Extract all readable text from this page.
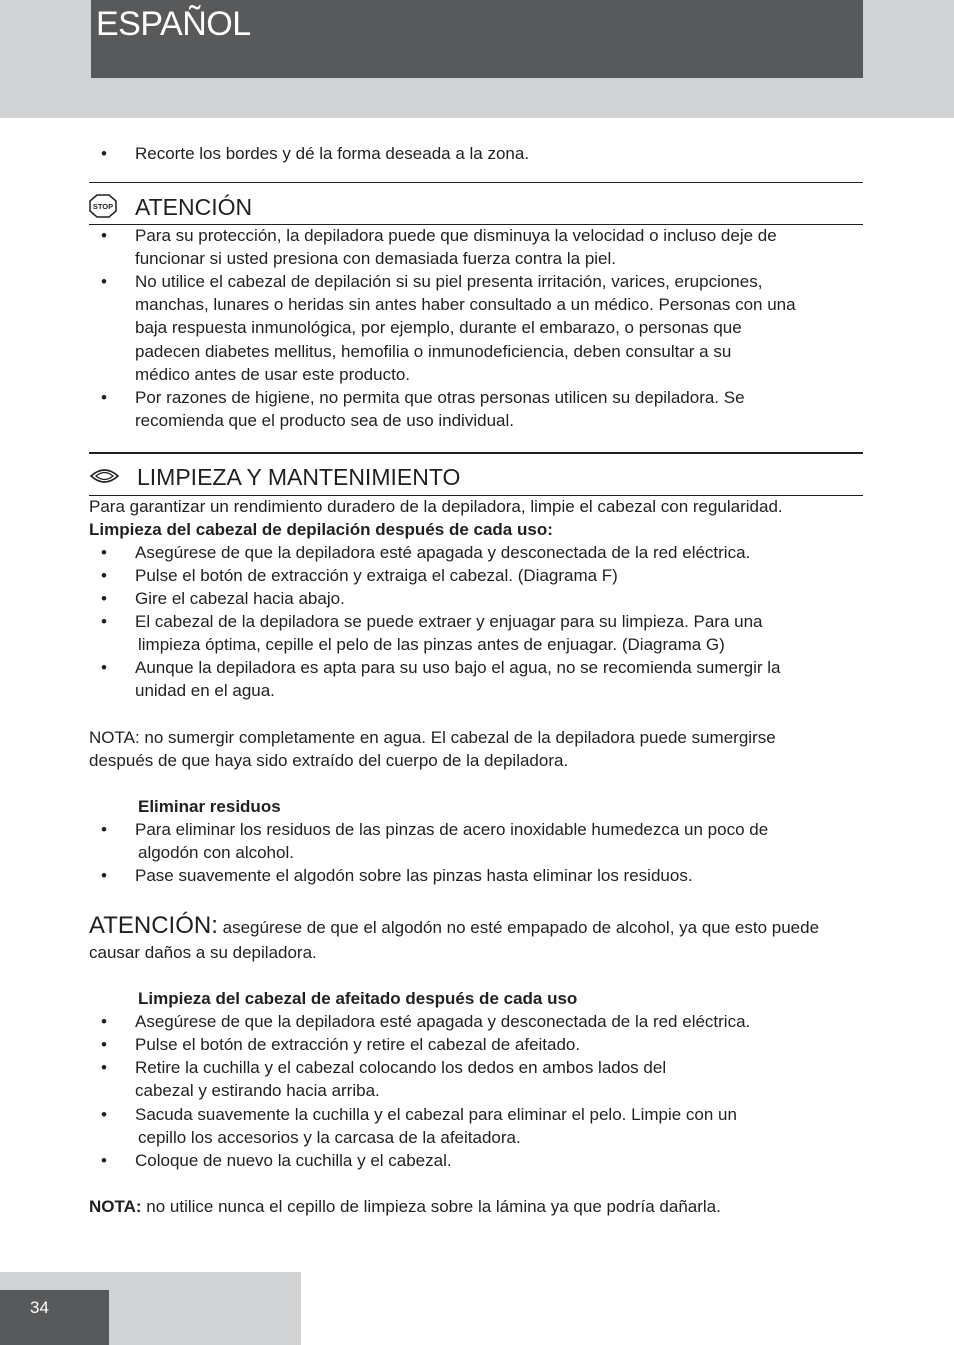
ESPAÑOL
• Recorte los bordes y dé la forma deseada a la zona.
STOP ATENCIÓN
• Para su protección, la depiladora puede que disminuya la velocidad o incluso deje de
funcionar si usted presiona con demasiada fuerza contra la piel.
• No utilice el cabezal de depilación si su piel presenta irritación, varices, erupciones,
manchas, lunares o heridas sin antes haber consultado a un médico. Personas con una
baja respuesta inmunológica, por ejemplo, durante el embarazo, o personas que
padecen diabetes mellitus, hemofilia o inmunodeficiencia, deben consultar a su
médico antes de usar este producto.
• Por razones de higiene, no permita que otras personas utilicen su depiladora. Se
recomienda que el producto sea de uso individual.
LIMPIEZA Y MANTENIMIENTO
Para garantizar un rendimiento duradero de la depiladora, limpie el cabezal con regularidad.
Limpieza del cabezal de depilación después de cada uso:
• Asegúrese de que la depiladora esté apagada y desconectada de la red eléctrica.
• Pulse el botón de extracción y extraiga el cabezal. (Diagrama F)
• Gire el cabezal hacia abajo.
• El cabezal de la depiladora se puede extraer y enjuagar para su limpieza. Para una
limpieza óptima, cepille el pelo de las pinzas antes de enjuagar. (Diagrama G)
• Aunque la depiladora es apta para su uso bajo el agua, no se recomienda sumergir la
unidad en el agua.
NOTA: no sumergir completamente en agua. El cabezal de la depiladora puede sumergirse
después de que haya sido extraído del cuerpo de la depiladora.
Eliminar residuos
• Para eliminar los residuos de las pinzas de acero inoxidable humedezca un poco de
algodón con alcohol.
• Pase suavemente el algodón sobre las pinzas hasta eliminar los residuos.
ATENCIÓN: asegúrese de que el algodón no esté empapado de alcohol, ya que esto puede
causar daños a su depiladora.
Limpieza del cabezal de afeitado después de cada uso
• Asegúrese de que la depiladora esté apagada y desconectada de la red eléctrica.
• Pulse el botón de extracción y retire el cabezal de afeitado.
• Retire la cuchilla y el cabezal colocando los dedos en ambos lados del
cabezal y estirando hacia arriba.
• Sacuda suavemente la cuchilla y el cabezal para eliminar el pelo. Limpie con un
cepillo los accesorios y la carcasa de la afeitadora.
• Coloque de nuevo la cuchilla y el cabezal.
NOTA: no utilice nunca el cepillo de limpieza sobre la lámina ya que podría dañarla.
34
